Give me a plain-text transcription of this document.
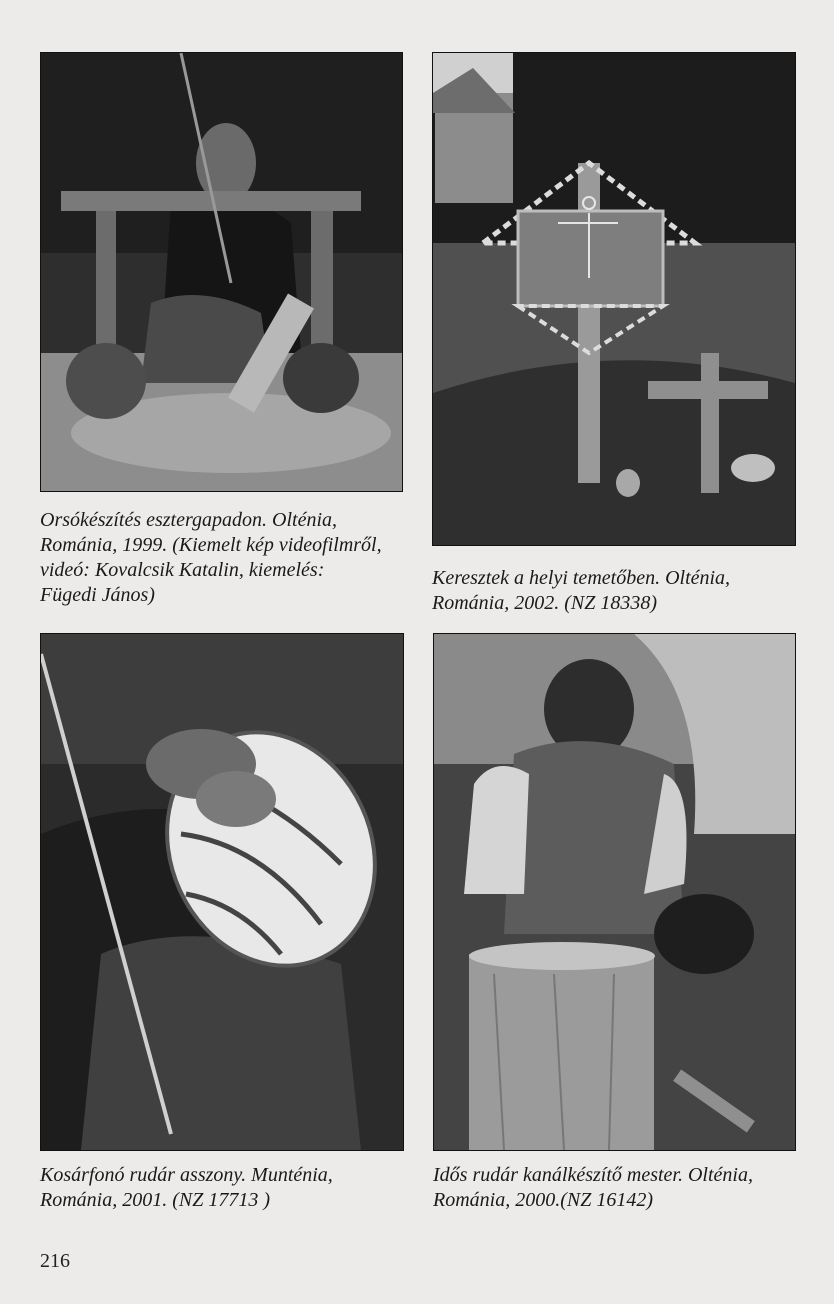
Orsókészítés esztergapadon. Olténia,
Románia, 1999. (Kiemelt kép videofilmről,
videó: Kovalcsik Katalin, kiemelés:
Fügedi János)

Keresztek a helyi temetőben. Olténia,
Románia, 2002. (NZ 18338)

Kosárfonó rudár asszony. Munténia,
Románia, 2001. (NZ 17713 )

Idős rudár kanálkészítő mester. Olténia,
Románia, 2000.(NZ 16142)

216
